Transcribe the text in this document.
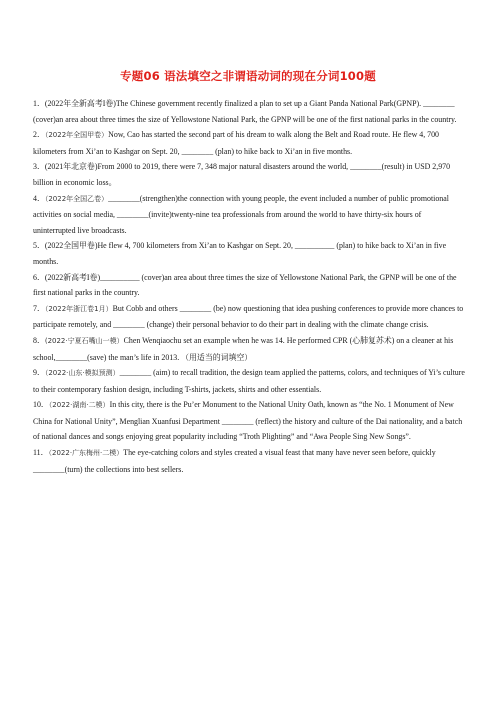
专题06 语法填空之非谓语动词的现在分词100题

1．(2022年全新高考I卷)The Chinese government recently finalized a plan to set up a Giant Panda National Park(GPNP). ________ (cover)an area about three times the size of Yellowstone National Park, the GPNP will be one of the first national parks in the country.

2．（2022年全国甲卷）Now, Cao has started the second part of his dream to walk along the Belt and Road route. He flew 4, 700 kilometers from Xi’an to Kashgar on Sept. 20, ________ (plan) to hike back to Xi’an in five months.

3．(2021年北京卷)From 2000 to 2019, there were 7, 348 major natural disasters around the world, ________(result) in USD 2,970 billion in economic loss。

4．（2022年全国乙卷）________(strengthen)the connection with young people, the event included a number of public promotional activities on social media, ________(invite)twenty-nine tea professionals from around the world to have thirty-six hours of uninterrupted live broadcasts.

5．(2022全国甲卷)He flew 4, 700 kilometers from Xi’an to Kashgar on Sept. 20, __________ (plan) to hike back to Xi’an in five months.

6．(2022新高考I卷)__________ (cover)an area about three times the size of Yellowstone National Park, the GPNP will be one of the first national parks in the country.

7．（2022年浙江卷1月）But Cobb and others ________ (be) now questioning that idea pushing conferences to provide more chances to participate remotely, and ________ (change) their personal behavior to do their part in dealing with the climate change crisis.

8．(2022·宁夏石嘴山一模）Chen Wenqiaochu set an example when he was 14. He performed CPR (心肺复苏术) on a cleaner at his school,________(save) the man’s life in 2013. （用适当的词填空）

9．（2022·山东·模拟预测）________ (aim) to recall tradition, the design team applied the patterns, colors, and techniques of Yi’s culture to their contemporary fashion design, including T-shirts, jackets, shirts and other essentials.

10．（2022·湖南·二模）In this city, there is the Pu’er Monument to the National Unity Oath, known as “the No. 1 Monument of New China for National Unity”, Menglian Xuanfusi Department ________ (reflect) the history and culture of the Dai nationality, and a batch of national dances and songs enjoying great popularity including “Troth Plighting” and “Awa People Sing New Songs”.

11．（2022·广东梅州·二模）The eye-catching colors and styles created a visual feast that many have never seen before, quickly ________(turn) the collections into best sellers.
